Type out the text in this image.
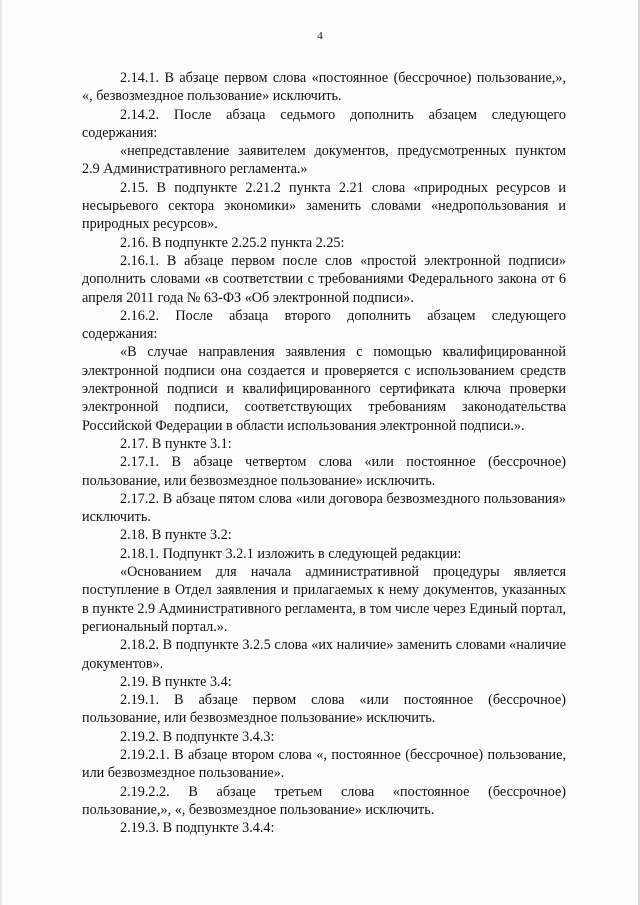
4

2.14.1. В абзаце первом слова «постоянное (бессрочное) пользование,», «, безвозмездное пользование» исключить.

2.14.2. После абзаца седьмого дополнить абзацем следующего содержания:

«непредставление заявителем документов, предусмотренных пунктом 2.9 Административного регламента.»

2.15. В подпункте 2.21.2 пункта 2.21 слова «природных ресурсов и несырьевого сектора экономики» заменить словами «недропользования и природных ресурсов».

2.16. В подпункте 2.25.2 пункта 2.25:

2.16.1. В абзаце первом после слов «простой электронной подписи» дополнить словами «в соответствии с требованиями Федерального закона от 6 апреля 2011 года № 63-ФЗ «Об электронной подписи».

2.16.2. После абзаца второго дополнить абзацем следующего содержания:

«В случае направления заявления с помощью квалифицированной электронной подписи она создается и проверяется с использованием средств электронной подписи и квалифицированного сертификата ключа проверки электронной подписи, соответствующих требованиям законодательства Российской Федерации в области использования электронной подписи.».

2.17. В пункте 3.1:

2.17.1. В абзаце четвертом слова «или постоянное (бессрочное) пользование, или безвозмездное пользование» исключить.

2.17.2. В абзаце пятом слова «или договора безвозмездного пользования» исключить.

2.18. В пункте 3.2:

2.18.1. Подпункт 3.2.1 изложить в следующей редакции:

«Основанием для начала административной процедуры является поступление в Отдел заявления и прилагаемых к нему документов, указанных в пункте 2.9 Административного регламента, в том числе через Единый портал, региональный портал.».

2.18.2. В подпункте 3.2.5 слова «их наличие» заменить словами «наличие документов».

2.19. В пункте 3.4:

2.19.1. В абзаце первом слова «или постоянное (бессрочное) пользование, или безвозмездное пользование» исключить.

2.19.2. В подпункте 3.4.3:

2.19.2.1. В абзаце втором слова «, постоянное (бессрочное) пользование, или безвозмездное пользование».

2.19.2.2. В абзаце третьем слова «постоянное (бессрочное) пользование,», «, безвозмездное пользование» исключить.

2.19.3. В подпункте 3.4.4:
